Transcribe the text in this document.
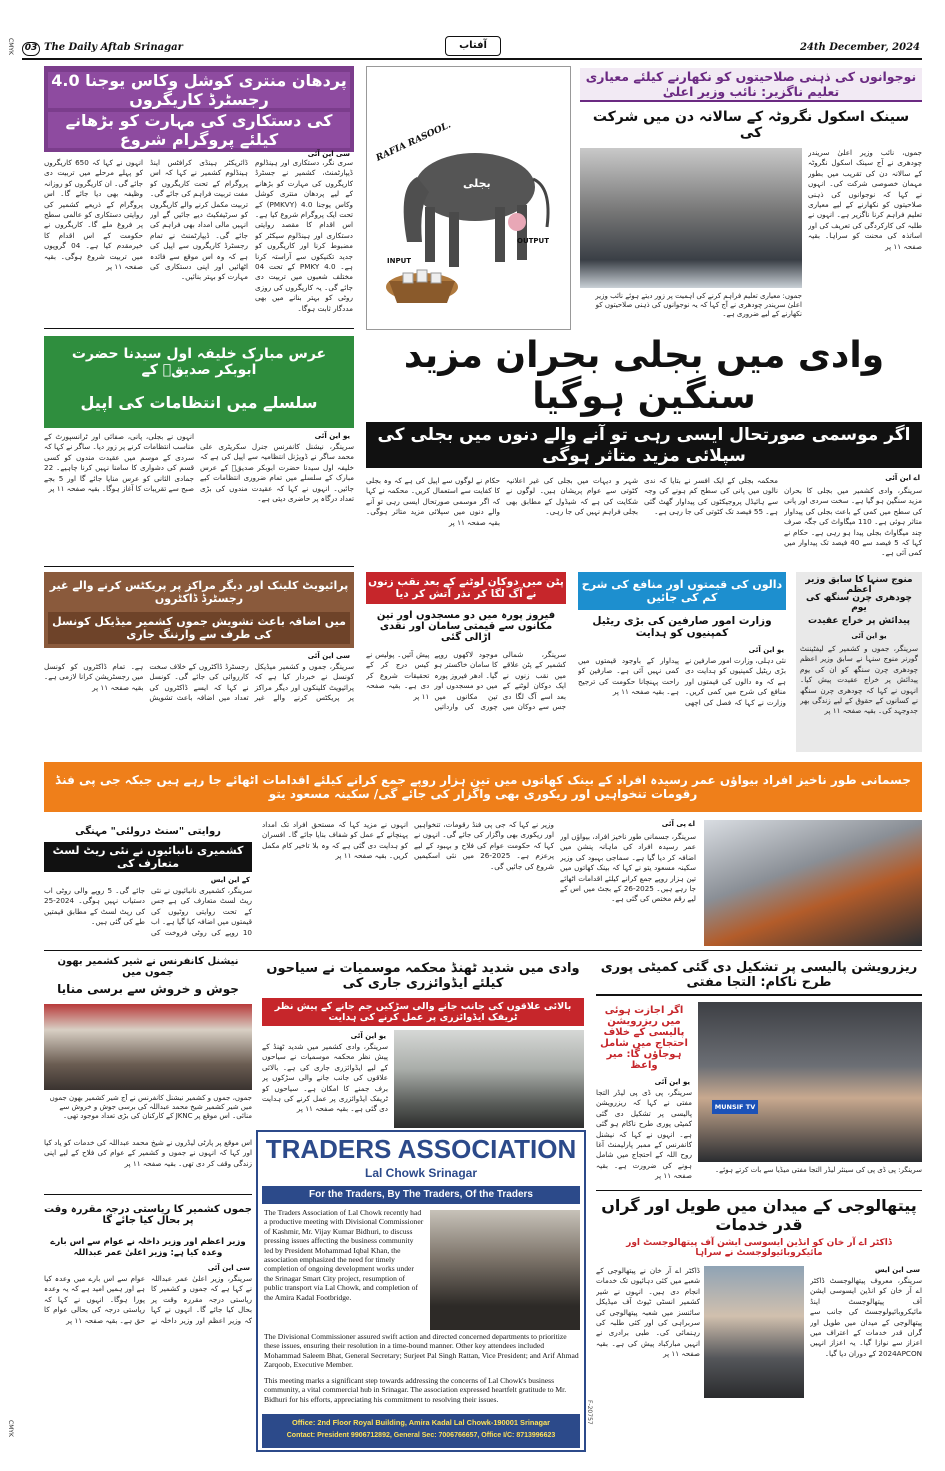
CMYK	03 The Daily Aftab Srinagar	آفتاب	24th December, 2024
پردھان منتری کوشل وکاس یوجنا 4.0 رجسٹرڈ کاریگروں
کی دستکاری کی مہارت کو بڑھانے کیلئے پروگرام شروع
سری نگر، دستکاری اور ہینڈلوم ڈیپارٹمنٹ، کشمیر نے جسٹرڈ کاریگروں کی مہارت کو بڑھانے کے لیے پردھان منتری کوشل وکاس یوجنا 4.0 (PMKVY) کے تحت ایک پروگرام شروع کیا ہے۔ اس اقدام کا مقصد روایتی دستکاری اور ہینڈلوم سیکٹر کو مضبوط کرنا اور کاریگروں کو جدید تکنیکوں سے آراستہ کرنا ہے۔ PMKY 4.0 کے تحت 04 مختلف شعبوں میں تربیت دی جائے گی۔ یہ کاریگروں کی روزی روٹی کو بہتر بنانے میں بھی مددگار ثابت ہوگا۔
ڈائریکٹر ہینڈی کرافٹس اینڈ ہینڈلوم کشمیر نے کہا کہ اس پروگرام کے تحت کاریگروں کو مفت تربیت فراہم کی جائے گی۔ تربیت مکمل کرنے والے کاریگروں کو سرٹیفکیٹ دیے جائیں گے اور انہیں مالی امداد بھی فراہم کی جائے گی۔ ڈیپارٹمنٹ نے تمام رجسٹرڈ کاریگروں سے اپیل کی ہے کہ وہ اس موقع سے فائدہ اٹھائیں اور اپنی دستکاری کی مہارت کو بہتر بنائیں۔
انہوں نے کہا کہ 650 کاریگروں کو پہلے مرحلے میں تربیت دی جائے گی۔ ان کاریگروں کو روزانہ وظیفہ بھی دیا جائے گا۔ اس پروگرام کے ذریعے کشمیر کی روایتی دستکاری کو عالمی سطح پر فروغ ملے گا۔ کاریگروں نے حکومت کے اس اقدام کا خیرمقدم کیا ہے۔ 04 گروپوں میں تربیت شروع ہوگی۔ بقیہ صفحہ ۱۱ پر
سی این آئی	RAFIA RASOOL.
بجلی
INPUT
OUTPUT
نوجوانوں کی ذہنی صلاحیتوں کو نکھارنے کیلئے معیاری تعلیم ناگزیر: نائب وزیر اعلیٰ
سینک اسکول نگروٹہ کے سالانہ دن میں شرکت کی
جموں، نائب وزیر اعلیٰ سریندر چودھری نے آج سینک اسکول نگروٹہ کے سالانہ دن کی تقریب میں بطور مہمان خصوصی شرکت کی۔ انہوں نے کہا کہ نوجوانوں کی ذہنی صلاحیتوں کو نکھارنے کے لیے معیاری تعلیم فراہم کرنا ناگزیر ہے۔ انہوں نے طلبہ کی کارکردگی کی تعریف کی اور اساتذہ کی محنت کو سراہا۔ بقیہ صفحہ ۱۱ پر
جموں: معیاری تعلیم فراہم کرنے کی اہمیت پر زور دیتے ہوئے نائب وزیر اعلیٰ سریندر چودھری نے آج کہا کہ یہ نوجوانوں کی ذہنی صلاحیتوں کو نکھارنے کے لیے ضروری ہے۔
عرس مبارک خلیفہ اول سیدنا حضرت ابوبکر صدیقؓ کے
سلسلے میں انتظامات کی اپیل
یو این آئی
سرینگر، نیشنل کانفرنس جنرل سکریٹری علی محمد ساگر نے ڈویژنل انتظامیہ سے اپیل کی ہے کہ خلیفہ اول سیدنا حضرت ابوبکر صدیقؓ کے عرس مبارک کے سلسلے میں تمام ضروری انتظامات کیے جائیں۔ انہوں نے کہا کہ عقیدت مندوں کی بڑی تعداد درگاہ پر حاضری دیتی ہے۔
انہوں نے بجلی، پانی، صفائی اور ٹرانسپورٹ کے مناسب انتظامات کرنے پر زور دیا۔ ساگر نے کہا کہ سردی کے موسم میں عقیدت مندوں کو کسی قسم کی دشواری کا سامنا نہیں کرنا چاہیے۔ 22 جمادی الثانی کو عرس منایا جائے گا اور 5 بجے صبح سے تقریبات کا آغاز ہوگا۔ بقیہ صفحہ ۱۱ پر
وادی میں بجلی بحران مزید سنگین ہوگیا
اگر موسمی صورتحال ایسی رہی تو آنے والے دنوں میں بجلی کی سپلائی مزید متاثر ہوگی
اے این آئی
سرینگر، وادی کشمیر میں بجلی کا بحران مزید سنگین ہو گیا ہے۔ سخت سردی اور پانی کی سطح میں کمی کے باعث بجلی کی پیداوار متاثر ہوئی ہے۔ 110 میگاواٹ کی جگہ صرف چند میگاواٹ بجلی پیدا ہو رہی ہے۔ حکام نے کہا کہ 5 فیصد سے 40 فیصد تک پیداوار میں کمی آئی ہے۔
محکمہ بجلی کے ایک افسر نے بتایا کہ ندی نالوں میں پانی کی سطح کم ہونے کی وجہ سے ہائیڈل پروجیکٹوں کی پیداوار گھٹ گئی ہے۔ 55 فیصد تک کٹوتی کی جا رہی ہے۔
شہر و دیہات میں بجلی کی غیر اعلانیہ کٹوتی سے عوام پریشان ہیں۔ لوگوں نے شکایت کی ہے کہ شیڈول کے مطابق بھی بجلی فراہم نہیں کی جا رہی۔
حکام نے لوگوں سے اپیل کی ہے کہ وہ بجلی کا کفایت سے استعمال کریں۔ محکمہ نے کہا کہ اگر موسمی صورتحال ایسی رہی تو آنے والے دنوں میں سپلائی مزید متاثر ہوگی۔ بقیہ صفحہ ۱۱ پر
پرائیویٹ کلینک اور دیگر مراکز پر پریکٹس کرنے والے غیر رجسٹرڈ ڈاکٹروں
میں اضافہ باعث تشویش جموں کشمیر میڈیکل کونسل کی طرف سے وارننگ جاری
سی این آئی
سرینگر، جموں و کشمیر میڈیکل کونسل نے خبردار کیا ہے کہ پرائیویٹ کلینکوں اور دیگر مراکز پر پریکٹس کرنے والے غیر رجسٹرڈ ڈاکٹروں کے خلاف سخت کارروائی کی جائے گی۔ کونسل نے کہا کہ ایسے ڈاکٹروں کی تعداد میں اضافہ باعث تشویش ہے۔ تمام ڈاکٹروں کو کونسل میں رجسٹریشن کرانا لازمی ہے۔ بقیہ صفحہ ۱۱ پر
پٹن میں دوکان لوٹنے کے بعد نقب زنوں نے آگ لگا کر نذر آتش کر دیا
فیروز پورہ میں دو مسجدوں اور تین مکانوں سے قیمتی سامان اور نقدی اڑالی گئی
سرینگر، شمالی کشمیر کے پٹن علاقے میں نقب زنوں نے ایک دوکان لوٹنے کے بعد اسے آگ لگا دی جس سے دوکان میں موجود لاکھوں روپے کا سامان خاکستر ہو گیا۔ ادھر فیروز پورہ میں دو مسجدوں اور تین مکانوں میں چوری کی وارداتیں پیش آئیں۔ پولیس نے کیس درج کر کے تحقیقات شروع کر دی ہے۔ بقیہ صفحہ ۱۱ پر
دالوں کی قیمتوں اور منافع کی شرح کم کی جائیں
وزارت امور صارفین کی بڑی ریٹیل کمپنیوں کو ہدایت
یو این آئی
نئی دہلی، وزارت امور صارفین نے بڑی ریٹیل کمپنیوں کو ہدایت دی ہے کہ وہ دالوں کی قیمتوں اور منافع کی شرح میں کمی کریں۔ وزارت نے کہا کہ فصل کی اچھی پیداوار کے باوجود قیمتوں میں کمی نہیں آئی ہے۔ صارفین کو راحت پہنچانا حکومت کی ترجیح ہے۔ بقیہ صفحہ ۱۱ پر
منوج سنہا کا سابق وزیر اعظم
چودھری چرن سنگھ کی یوم
پیدائش پر خراج عقیدت
یو این آئی
سرینگر، جموں و کشمیر کے لیفٹیننٹ گورنر منوج سنہا نے سابق وزیر اعظم چودھری چرن سنگھ کو ان کی یوم پیدائش پر خراج عقیدت پیش کیا۔ انہوں نے کہا کہ چودھری چرن سنگھ نے کسانوں کے حقوق کے لیے زندگی بھر جدوجہد کی۔ بقیہ صفحہ ۱۱ پر
جسمانی طور ناخیز افراد بیواؤں عمر رسیدہ افراد کے بینک کھاتوں میں تین ہزار روپے جمع کرانے کیلئے اقدامات اٹھائے جا رہے ہیں جبکہ جی پی فنڈ رقومات تنخواہیں اور ریکوری بھی واگزار کی جائے گی/ سکینہ مسعود یتو
روایتی "سنٹ درولئی" مہنگی
کشمیری نانبائیوں نے نئی ریٹ لسٹ متعارف کی
کے این ایس
سرینگر، کشمیری نانبائیوں نے نئی ریٹ لسٹ متعارف کی ہے جس کے تحت روایتی روٹیوں کی قیمتوں میں اضافہ کیا گیا ہے۔ اب 10 روپے کی روٹی فروخت کی جائے گی۔ 5 روپے والی روٹی اب دستیاب نہیں ہوگی۔ 2024-25 کی ریٹ لسٹ کے مطابق قیمتیں طے کی گئی ہیں۔
اے پی آئی
سرینگر، جسمانی طور ناخیز افراد، بیواؤں اور عمر رسیدہ افراد کی ماہانہ پنشن میں اضافہ کر دیا گیا ہے۔ سماجی بہبود کی وزیر سکینہ مسعود یتو نے کہا کہ بینک کھاتوں میں تین ہزار روپے جمع کرانے کیلئے اقدامات اٹھائے جا رہے ہیں۔ 2025-26 کے بجٹ میں اس کے لیے رقم مختص کی گئی ہے۔
وزیر نے کہا کہ جی پی فنڈ رقومات، تنخواہیں اور ریکوری بھی واگزار کی جائے گی۔ انہوں نے کہا کہ حکومت عوام کی فلاح و بہبود کے لیے پرعزم ہے۔ 2025-26 میں نئی اسکیمیں شروع کی جائیں گی۔
انہوں نے مزید کہا کہ مستحق افراد تک امداد پہنچانے کے عمل کو شفاف بنایا جائے گا۔ افسران کو ہدایت دی گئی ہے کہ وہ بلا تاخیر کام مکمل کریں۔ بقیہ صفحہ ۱۱ پر
نیشنل کانفرنس نے شیر کشمیر بھون جموں میں
جوش و خروش سے برسی منایا
جموں، جموں و کشمیر نیشنل کانفرنس نے آج شیر کشمیر بھون جموں میں شیر کشمیر شیخ محمد عبداللہ کی برسی جوش و خروش سے منائی۔ اس موقع پر JKNC کے کارکنان کی بڑی تعداد موجود تھی۔
اس موقع پر پارٹی لیڈروں نے شیخ محمد عبداللہ کی خدمات کو یاد کیا اور کہا کہ انہوں نے جموں و کشمیر کے عوام کی فلاح کے لیے اپنی زندگی وقف کر دی تھی۔ بقیہ صفحہ ۱۱ پر
جموں کشمیر کا ریاستی درجہ مقررہ وقت پر بحال کیا جائے گا
وزیر اعظم اور وزیر داخلہ نے عوام سے اس بارے وعدہ کیا ہے: وزیر اعلیٰ عمر عبداللہ
سی این آئی
سرینگر، وزیر اعلیٰ عمر عبداللہ نے کہا ہے کہ جموں و کشمیر کا ریاستی درجہ مقررہ وقت پر بحال کیا جائے گا۔ انہوں نے کہا کہ وزیر اعظم اور وزیر داخلہ نے عوام سے اس بارے میں وعدہ کیا ہے اور ہمیں امید ہے کہ یہ وعدہ پورا ہوگا۔ انہوں نے کہا کہ ریاستی درجہ کی بحالی عوام کا حق ہے۔ بقیہ صفحہ ۱۱ پر
وادی میں شدید ٹھنڈ محکمہ موسمیات نے سیاحوں کیلئے ایڈوائزری جاری کی
بالائی علاقوں کی جانب جانے والی سڑکیں جم جانے کے پیش نظر ٹریفک ایڈوائزری پر عمل کرنے کی ہدایت
یو این آئی
سرینگر، وادی کشمیر میں شدید ٹھنڈ کے پیش نظر محکمہ موسمیات نے سیاحوں کے لیے ایڈوائزری جاری کی ہے۔ بالائی علاقوں کی جانب جانے والی سڑکوں پر برف جمنے کا امکان ہے۔ سیاحوں کو ٹریفک ایڈوائزری پر عمل کرنے کی ہدایت دی گئی ہے۔ بقیہ صفحہ ۱۱ پر
TRADERS ASSOCIATION
Lal Chowk Srinagar
For the Traders, By The Traders, Of the Traders
The Traders Association of Lal Chowk recently had a productive meeting with Divisional Commissioner of Kashmir, Mr. Vijay Kumar Bidhuri, to discuss pressing issues affecting the business community led by President Mohammad Iqbal Khan, the association emphasized the need for timely completion of ongoing development works under the Srinagar Smart City project, resumption of public transport via Lal Chowk, and completion of the Amira Kadal Footbridge.
The Divisional Commissioner assured swift action and directed concerned departments to prioritize these issues, ensuring their resolution in a time-bound manner. Other key attendees included Mohammad Saleem Bhat, General Secretary; Surjeet Pal Singh Rattan, Vice President; and Arif Ahmad Zarqoob, Executive Member.
This meeting marks a significant step towards addressing the concerns of Lal Chowk's business community, a vital commercial hub in Srinagar. The association expressed heartfelt gratitude to Mr. Bidhuri for his efforts, appreciating his commitment to resolving their issues.
Office: 2nd Floor Royal Building, Amira Kadal Lal Chowk-190001 Srinagar
Contact: President 9906712892, General Sec: 7006766657, Office I/C: 8713996623
F-20757
ریزرویشن پالیسی پر تشکیل دی گئی کمیٹی پوری طرح ناکام: التجا مفتی
اگر اجازت ہوئی میں ریزرویشن پالیسی کے خلاف احتجاج میں شامل ہوجاؤں گا: میر واعظ
یو این آئی
سرینگر، پی ڈی پی لیڈر التجا مفتی نے کہا کہ ریزرویشن پالیسی پر تشکیل دی گئی کمیٹی پوری طرح ناکام ہو گئی ہے۔ انہوں نے کہا کہ نیشنل کانفرنس کے ممبر پارلیمنٹ آغا روح اللہ کے احتجاج میں شامل ہونے کی ضرورت ہے۔ بقیہ صفحہ ۱۱ پر
MUNSIF TV
سرینگر: پی ڈی پی کی سینئر لیڈر التجا مفتی میڈیا سے بات کرتے ہوئے۔
پیتھالوجی کے میدان میں طویل اور گراں قدر خدمات
ڈاکٹر اے آر خان کو انڈین ایسوسی ایشن آف پیتھالوجسٹ اور مائیکروبائیولوجسٹ نے سراہا
سی این ایس
سرینگر، معروف پیتھالوجسٹ ڈاکٹر اے آر خان کو انڈین ایسوسی ایشن آف پیتھالوجسٹ اینڈ مائیکروبائیولوجسٹ کی جانب سے پیتھالوجی کے میدان میں طویل اور گراں قدر خدمات کے اعتراف میں اعزاز سے نوازا گیا۔ یہ اعزاز انہیں 2024APCON کے دوران دیا گیا۔
ڈاکٹر اے آر خان نے پیتھالوجی کے شعبے میں کئی دہائیوں تک خدمات انجام دی ہیں۔ انہوں نے شیر کشمیر انسٹی ٹیوٹ آف میڈیکل سائنسز میں شعبہ پیتھالوجی کی سربراہی کی اور کئی طلبہ کی رہنمائی کی۔ طبی برادری نے انہیں مبارکباد پیش کی ہے۔ بقیہ صفحہ ۱۱ پر
CMYK
